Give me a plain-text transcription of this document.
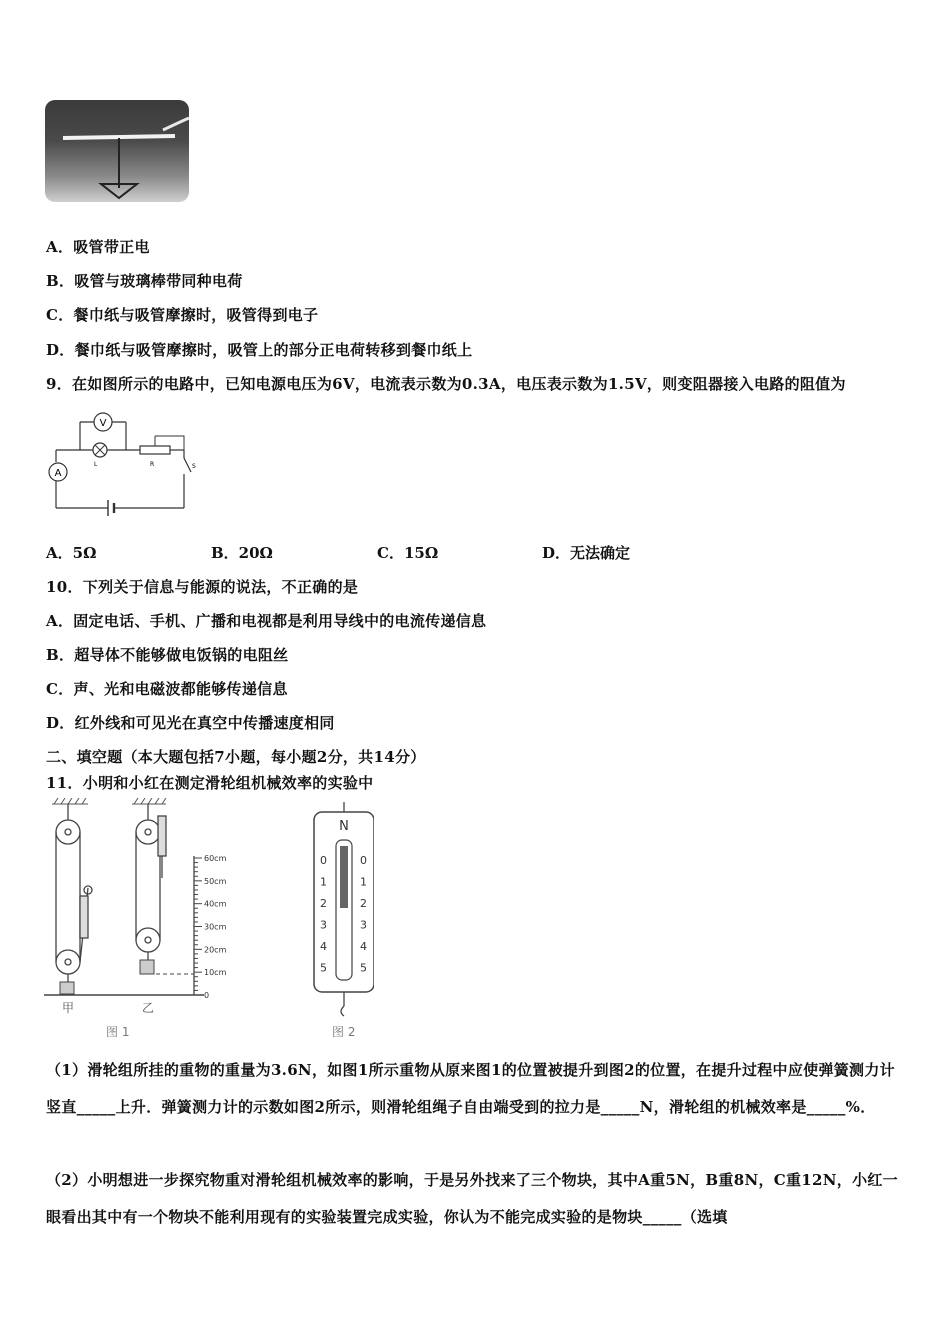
A．吸管带正电
B．吸管与玻璃棒带同种电荷
C．餐巾纸与吸管摩擦时，吸管得到电子
D．餐巾纸与吸管摩擦时，吸管上的部分正电荷转移到餐巾纸上
9．在如图所示的电路中，已知电源电压为6V，电流表示数为0.3A，电压表示数为1.5V，则变阻器接入电路的阻值为
V
L	R	S
A
A．5Ω	B．20Ω	C．15Ω	D．无法确定
10．下列关于信息与能源的说法，不正确的是
A．固定电话、手机、广播和电视都是利用导线中的电流传递信息
B．超导体不能够做电饭锅的电阻丝
C．声、光和电磁波都能够传递信息
D．红外线和可见光在真空中传播速度相同
二、填空题（本大题包括7小题，每小题2分，共14分）
11．小明和小红在测定滑轮组机械效率的实验中
甲	乙
60cm
50cm
40cm
30cm
20cm
10cm
0
图 1
N
0
1
2
3
4
5
0
1
2
3
4
5
图 2
（1）滑轮组所挂的重物的重量为3.6N，如图1所示重物从原来图1的位置被提升到图2的位置，在提升过程中应使弹簧测力计竖直_____上升．弹簧测力计的示数如图2所示，则滑轮组绳子自由端受到的拉力是_____N，滑轮组的机械效率是_____%．
（2）小明想进一步探究物重对滑轮组机械效率的影响，于是另外找来了三个物块，其中A重5N，B重8N，C重12N，小红一眼看出其中有一个物块不能利用现有的实验装置完成实验，你认为不能完成实验的是物块_____（选填
